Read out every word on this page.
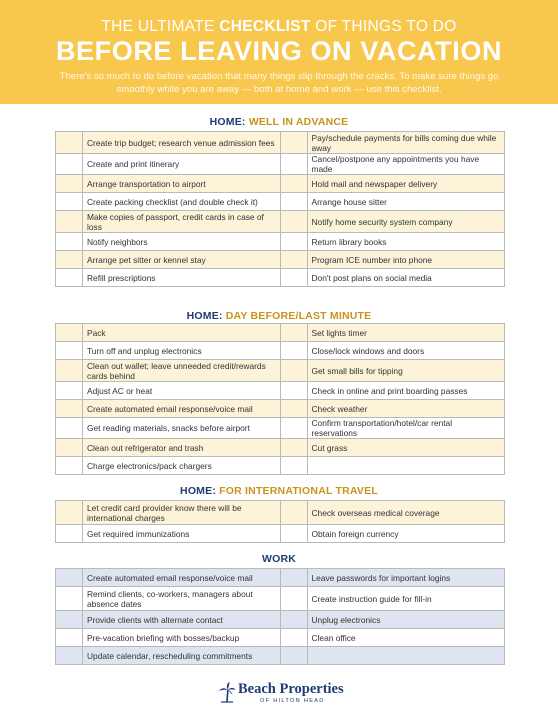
THE ULTIMATE CHECKLIST OF THINGS TO DO
BEFORE LEAVING ON VACATION
There's so much to do before vacation that many things slip through the cracks. To make sure things go smoothly while you are away — both at home and work — use this checklist.
HOME: WELL IN ADVANCE
	Create trip budget; research venue admission fees		Pay/schedule payments for bills coming due while away
	Create and print itinerary		Cancel/postpone any appointments you have made
	Arrange transportation to airport		Hold mail and newspaper delivery
	Create packing checklist (and double check it)		Arrange house sitter
	Make copies of passport, credit cards in case of loss		Notify home security system company
	Notify neighbors		Return library books
	Arrange pet sitter or kennel stay		Program ICE number into phone
	Refill prescriptions		Don't post plans on social media
HOME: DAY BEFORE/LAST MINUTE
	Pack		Set lights timer
	Turn off and unplug electronics		Close/lock windows and doors
	Clean out wallet; leave unneeded credit/rewards cards behind		Get small bills for tipping
	Adjust AC or heat		Check in online and print boarding passes
	Create automated email response/voice mail		Check weather
	Get reading materials, snacks before airport		Confirm transportation/hotel/car rental reservations
	Clean out refrigerator and trash		Cut grass
	Charge electronics/pack chargers		
HOME: FOR INTERNATIONAL TRAVEL
	Let credit card provider know there will be international charges		Check overseas medical coverage
	Get required immunizations		Obtain foreign currency
WORK
	Create automated email response/voice mail		Leave passwords for important logins
	Remind clients, co-workers, managers about absence dates		Create instruction guide for fill-in
	Provide clients with alternate contact		Unplug electronics
	Pre-vacation briefing with bosses/backup		Clean office
	Update calendar, rescheduling commitments		
Beach Properties
OF HILTON HEAD
